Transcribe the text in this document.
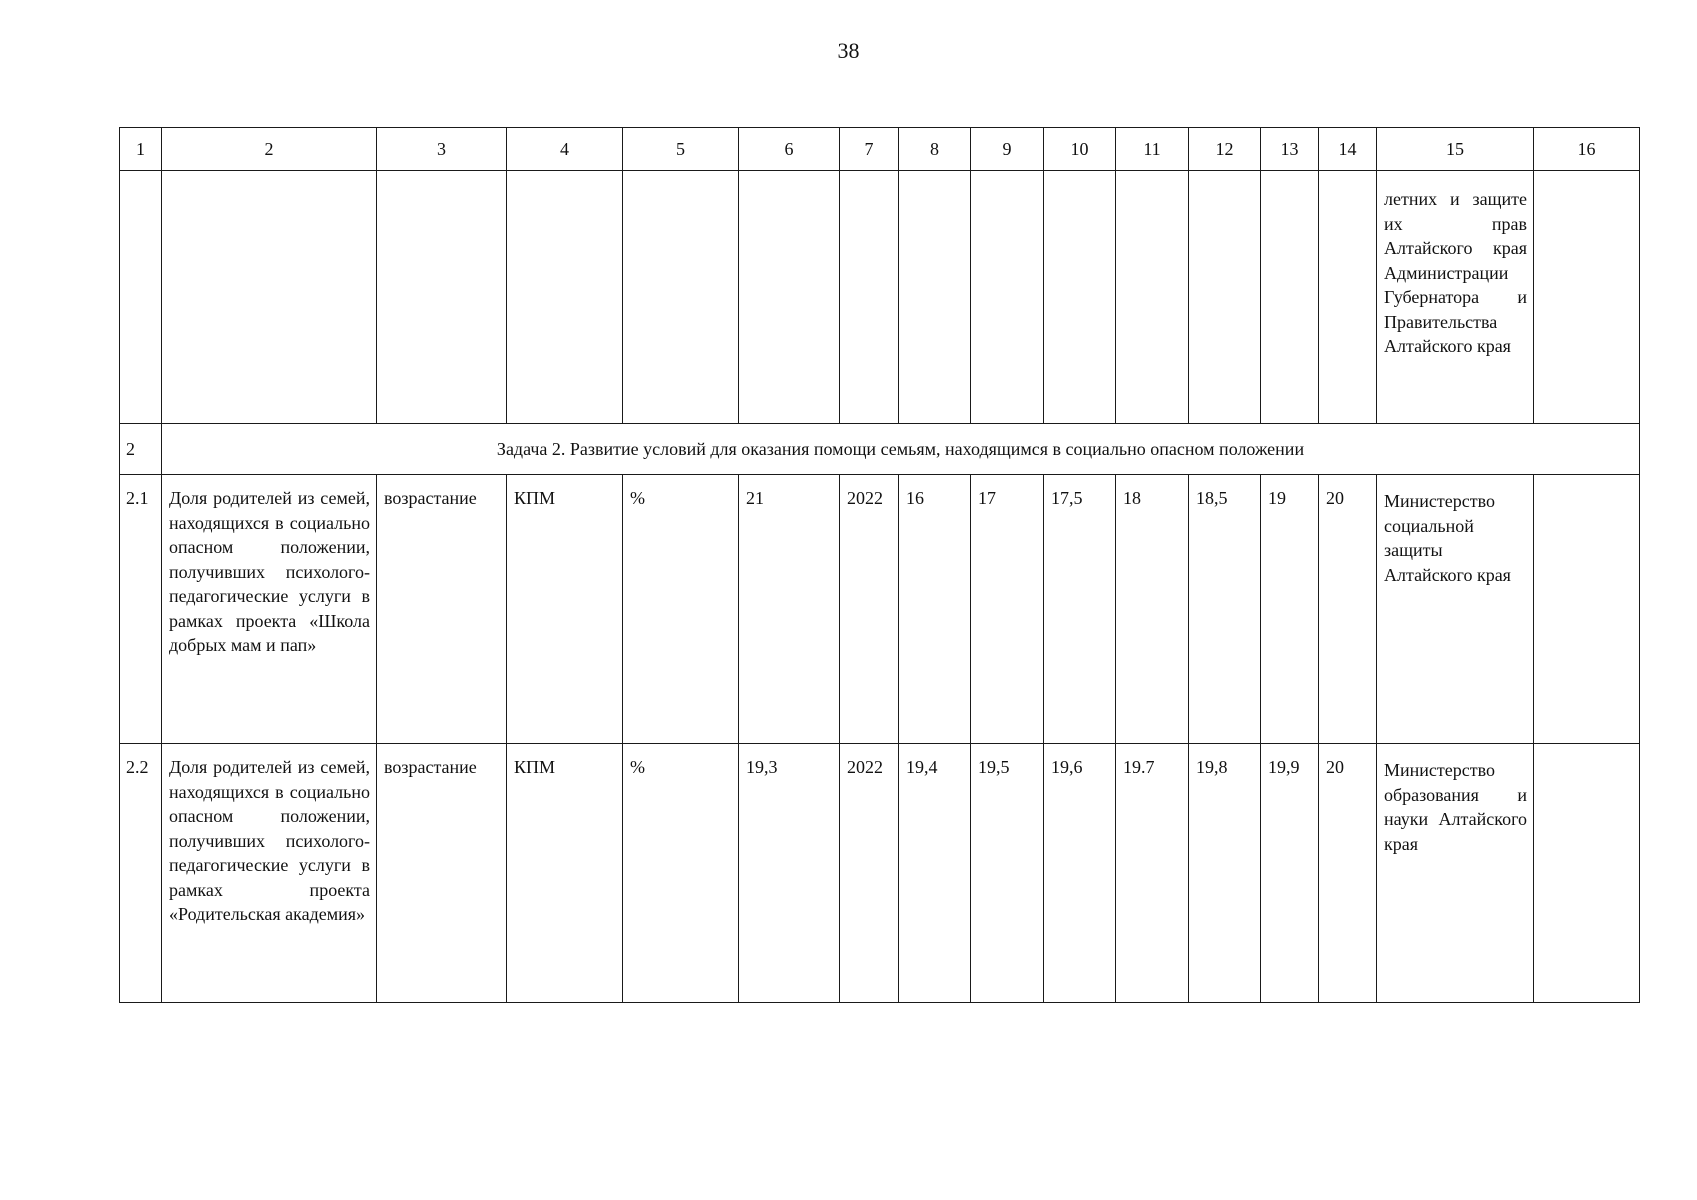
38
1	2	3	4	5	6	7	8	9	10	11	12	13	14	15	16
														летних и защите их прав Алтайского края Администрации Губернатора и Правительства Алтайского края	
2	Задача 2. Развитие условий для оказания помощи семьям, находящимся в социально опасном положении														
2.1	Доля родителей из семей, находящихся в социально опасном положении, получивших психолого-педагогические услуги в рамках проекта «Школа добрых мам и пап»	возрастание	КПМ	%	21	2022	16	17	17,5	18	18,5	19	20	Министерство социальной защиты Алтайского края	
2.2	Доля родителей из семей, находящихся в социально опасном положении, получивших психолого-педагогические услуги в рамках проекта «Родительская академия»	возрастание	КПМ	%	19,3	2022	19,4	19,5	19,6	19.7	19,8	19,9	20	Министерство образования и науки Алтайского края	
